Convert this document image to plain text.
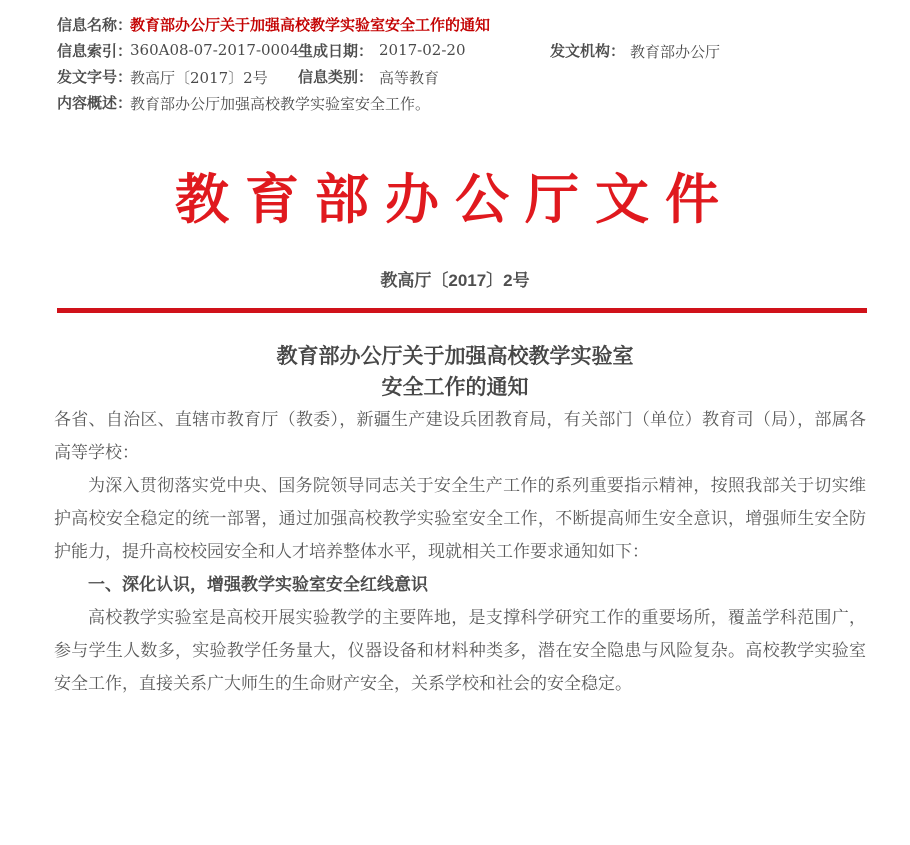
信息名称：
教育部办公厅关于加强高校教学实验室安全工作的通知
信息索引：
360A08-07-2017-0004-1
生成日期： 2017-02-20	发文机构： 教育部办公厅
发文字号：
教高厅〔2017〕2号 信息类别： 高等教育
内容概述：
教育部办公厅加强高校教学实验室安全工作。
教育部办公厅文件
教高厅〔2017〕2号
教育部办公厅关于加强高校教学实验室
安全工作的通知

各省、自治区、直辖市教育厅（教委），新疆生产建设兵团教育局，有关部门（单位）教育司（局），部属各高等学校：

为深入贯彻落实党中央、国务院领导同志关于安全生产工作的系列重要指示精神，按照我部关于切实维护高校安全稳定的统一部署，通过加强高校教学实验室安全工作，不断提高师生安全意识，增强师生安全防护能力，提升高校校园安全和人才培养整体水平，现就相关工作要求通知如下：

一、深化认识，增强教学实验室安全红线意识

高校教学实验室是高校开展实验教学的主要阵地，是支撑科学研究工作的重要场所，覆盖学科范围广，参与学生人数多，实验教学任务量大，仪器设备和材料种类多，潜在安全隐患与风险复杂。高校教学实验室安全工作，直接关系广大师生的生命财产安全，关系学校和社会的安全稳定。
